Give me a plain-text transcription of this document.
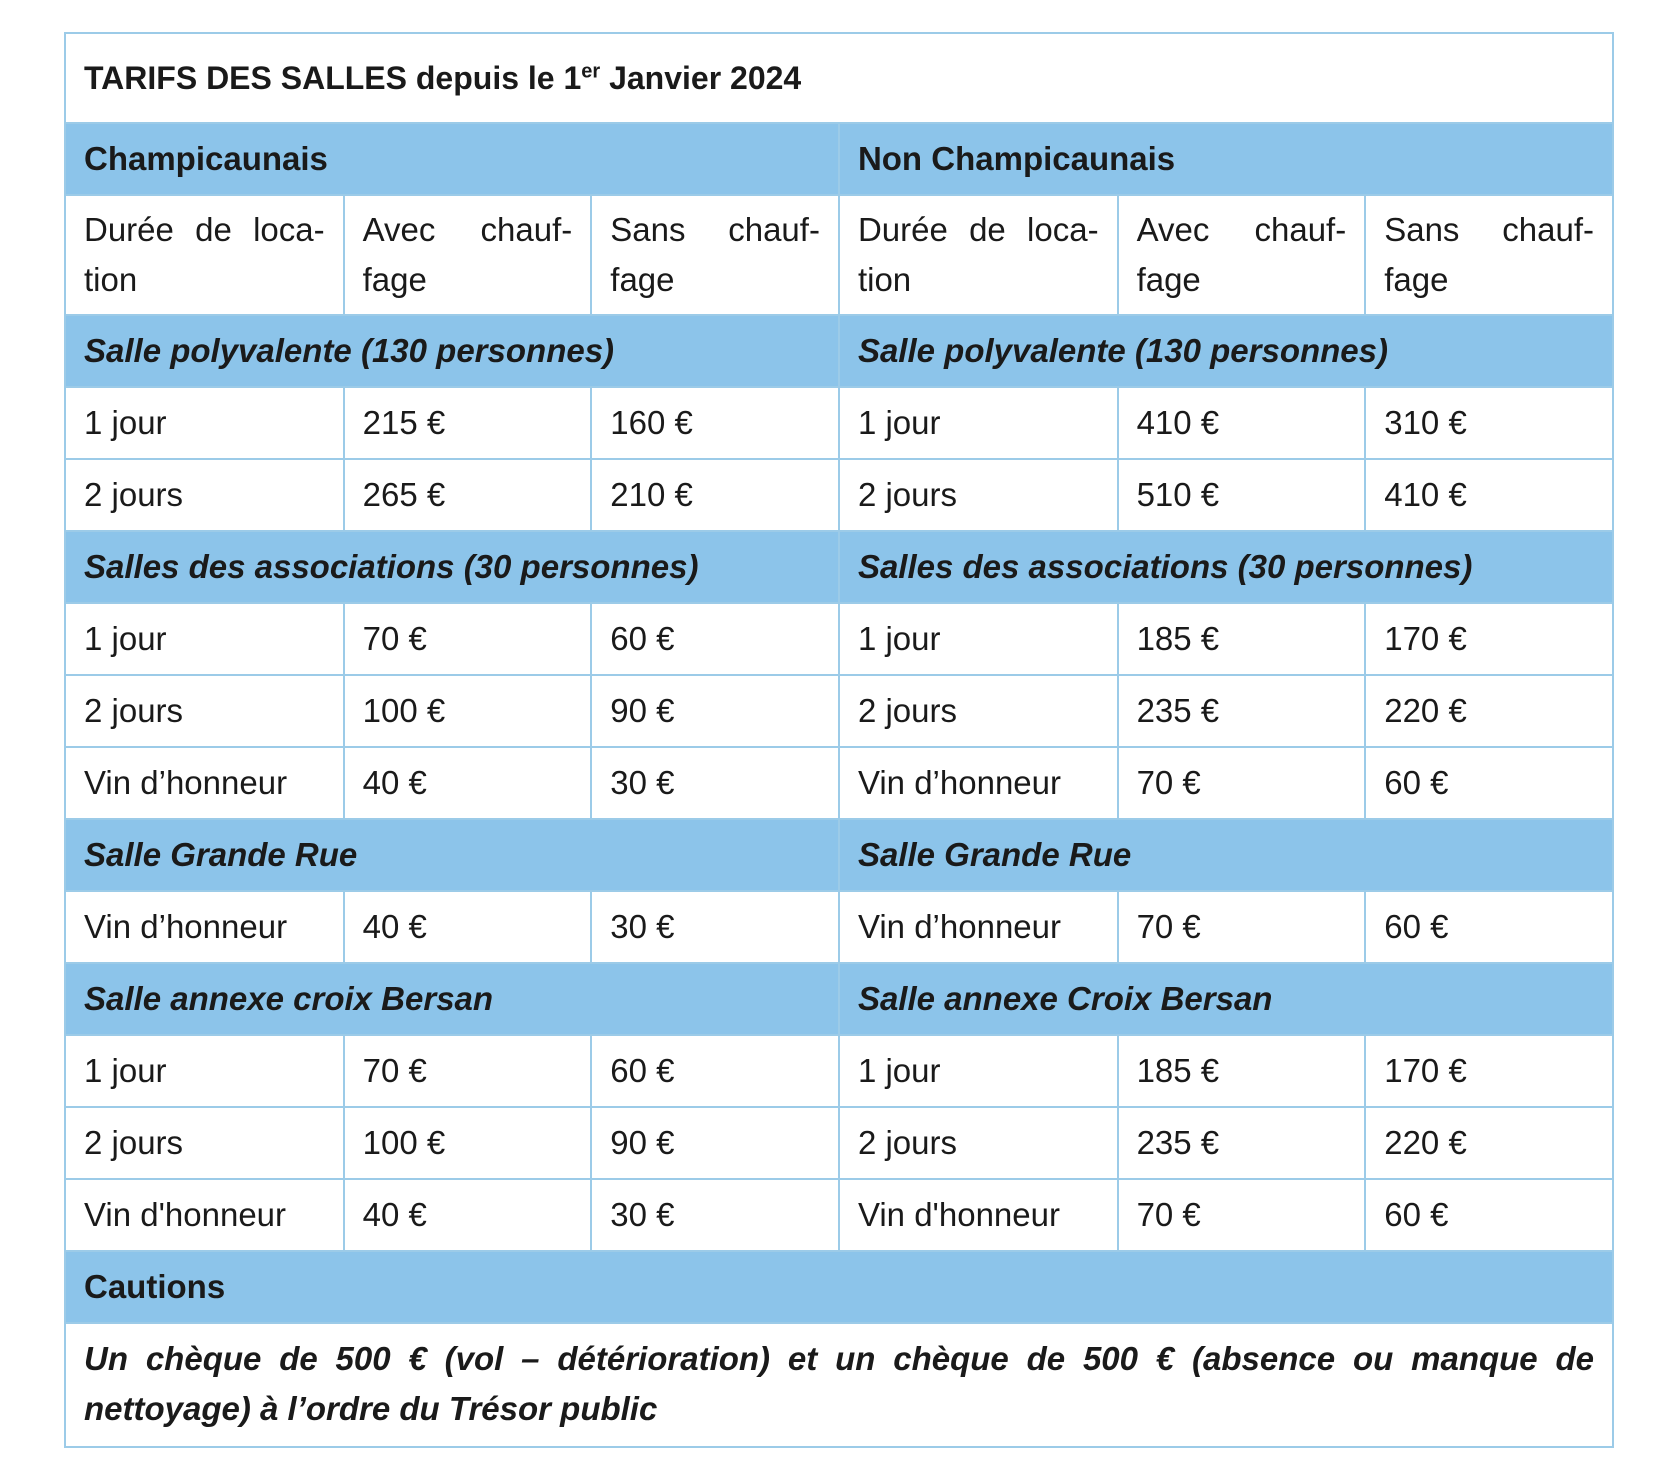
TARIFS DES SALLES depuis le 1er Janvier 2024					
Champicaunais			Non Champicaunais		
Durée de loca-tion	Avec chauf-fage	Sans chauf-fage	Durée de loca-tion	Avec chauf-fage	Sans chauf-fage
Salle polyvalente (130 personnes)			Salle polyvalente (130 personnes)		
1 jour	215 €	160 €	1 jour	410 €	310 €
2 jours	265 €	210 €	2 jours	510 €	410 €
Salles des associations (30 personnes)			Salles des associations (30 personnes)		
1 jour	70 €	60 €	1 jour	185 €	170 €
2 jours	100 €	90 €	2 jours	235 €	220 €
Vin d’honneur	40 €	30 €	Vin d’honneur	70 €	60 €
Salle Grande Rue			Salle Grande Rue		
Vin d’honneur	40 €	30 €	Vin d’honneur	70 €	60 €
Salle annexe croix Bersan			Salle annexe Croix Bersan		
1 jour	70 €	60 €	1 jour	185 €	170 €
2 jours	100 €	90 €	2 jours	235 €	220 €
Vin d'honneur	40 €	30 €	Vin d'honneur	70 €	60 €
Cautions					
Un chèque de 500 € (vol – détérioration) et un chèque de 500 € (absence ou manque de nettoyage) à l’ordre du Trésor public					
